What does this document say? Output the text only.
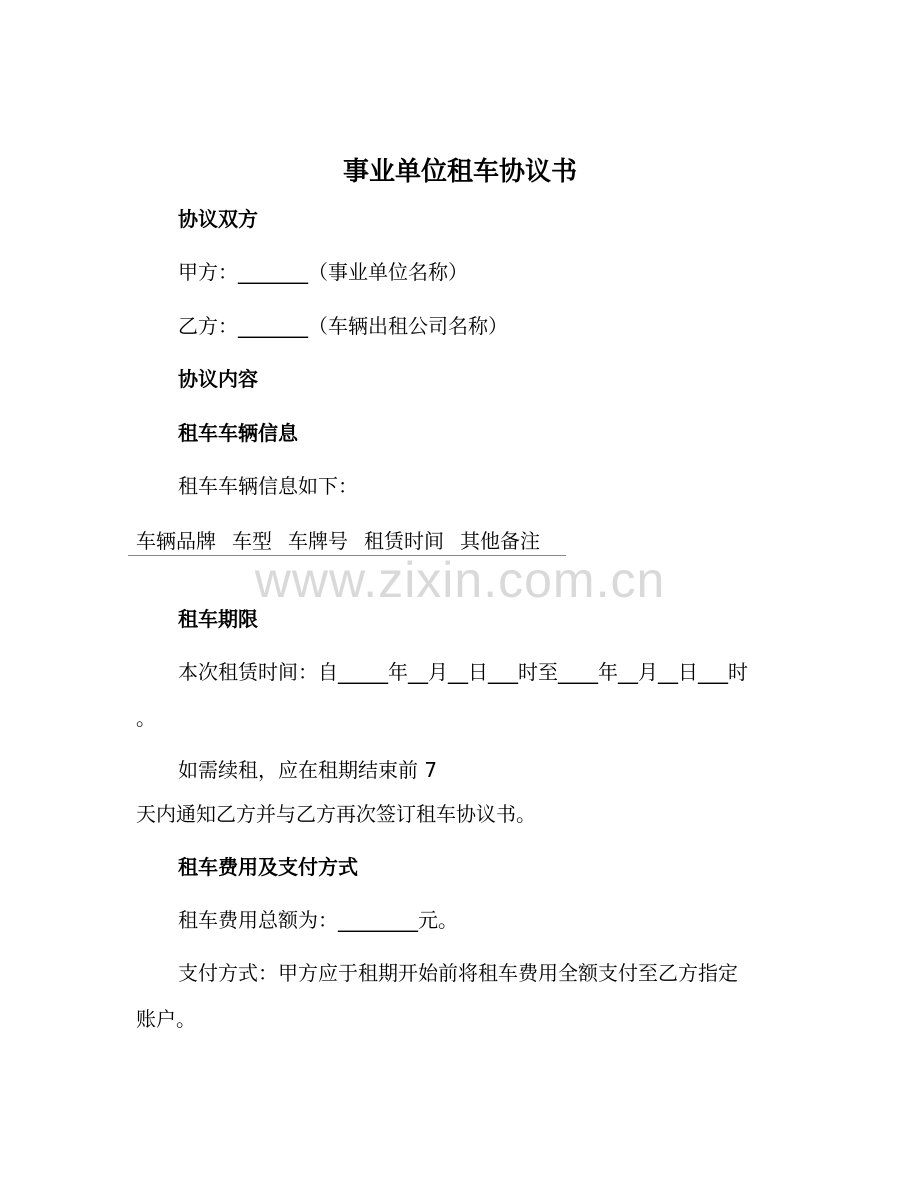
事业单位租车协议书
协议双方
甲方：_______（事业单位名称）
乙方：_______（车辆出租公司名称）
协议内容
租车车辆信息
租车车辆信息如下：
车辆品牌 车型 车牌号 租赁时间 其他备注
www.zixin.com.cn
租车期限
本次租赁时间：自_____年__月__日___时至____年__月__日___时
。
如需续租，应在租期结束前 7
天内通知乙方并与乙方再次签订租车协议书。
租车费用及支付方式
租车费用总额为：________元。
支付方式：甲方应于租期开始前将租车费用全额支付至乙方指定
账户。
